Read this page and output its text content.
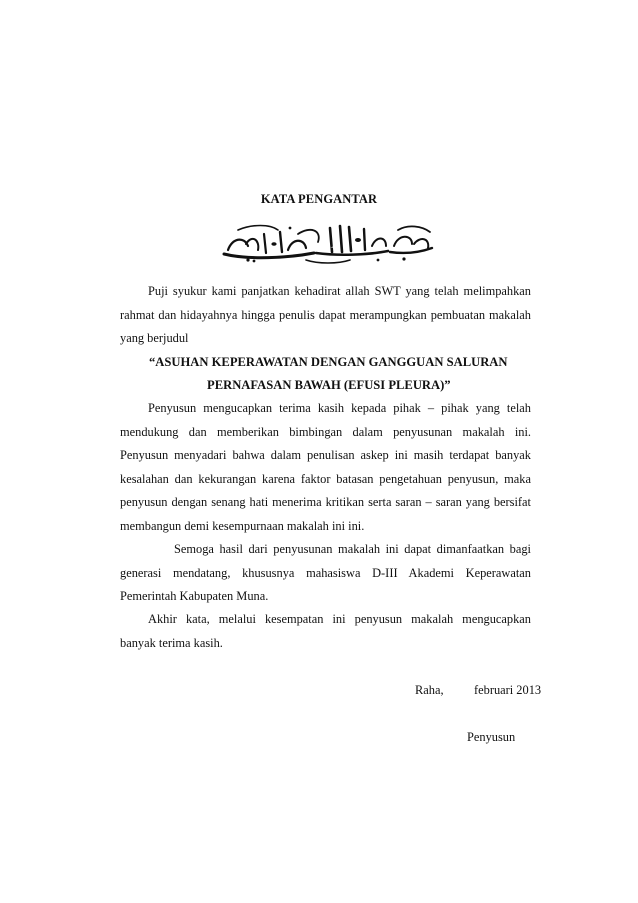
KATA PENGANTAR
بسم الله الرحمن الرحيم
Puji syukur kami panjatkan kehadirat allah SWT yang telah melimpahkan
rahmat dan hidayahnya hingga penulis dapat merampungkan pembuatan makalah
yang berjudul
“ASUHAN KEPERAWATAN DENGAN GANGGUAN SALURAN
PERNAFASAN BAWAH (EFUSI PLEURA)”
Penyusun mengucapkan terima kasih kepada pihak – pihak yang telah
mendukung dan memberikan bimbingan dalam penyusunan makalah ini.
Penyusun menyadari bahwa dalam penulisan askep ini masih terdapat banyak
kesalahan dan kekurangan karena faktor batasan pengetahuan penyusun, maka
penyusun dengan senang hati menerima kritikan serta saran – saran yang bersifat
membangun demi kesempurnaan makalah ini ini.
Semoga hasil dari penyusunan makalah ini dapat dimanfaatkan bagi
generasi mendatang, khususnya mahasiswa D-III Akademi Keperawatan
Pemerintah Kabupaten Muna.
Akhir kata, melalui kesempatan ini penyusun makalah mengucapkan
banyak terima kasih.
Raha, februari 2013
Penyusun
